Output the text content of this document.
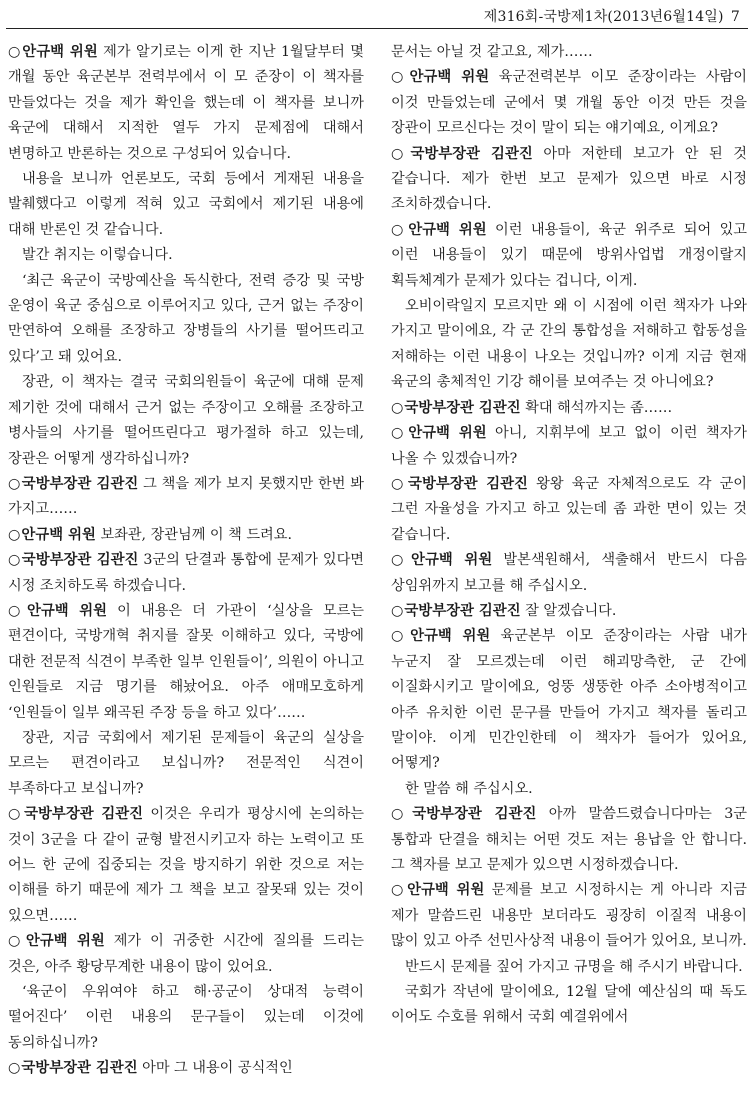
제316회-국방제1차(2013년6월14일)  7

○안규백 위원 제가 알기로는 이게 한 지난 1월달부터 몇 개월 동안 육군본부 전력부에서 이 모 준장이 이 책자를 만들었다는 것을 제가 확인을 했는데 이 책자를 보니까 육군에 대해서 지적한 열두 가지 문제점에 대해서 변명하고 반론하는 것으로 구성되어 있습니다.

내용을 보니까 언론보도, 국회 등에서 게재된 내용을 발췌했다고 이렇게 적혀 있고 국회에서 제기된 내용에 대해 반론인 것 같습니다.

발간 취지는 이렇습니다.

‘최근 육군이 국방예산을 독식한다, 전력 증강 및 국방 운영이 육군 중심으로 이루어지고 있다, 근거 없는 주장이 만연하여 오해를 조장하고 장병들의 사기를 떨어뜨리고 있다’고 돼 있어요.

장관, 이 책자는 결국 국회의원들이 육군에 대해 문제 제기한 것에 대해서 근거 없는 주장이고 오해를 조장하고 병사들의 사기를 떨어뜨린다고 평가절하 하고 있는데, 장관은 어떻게 생각하십니까?

○국방부장관 김관진 그 책을 제가 보지 못했지만 한번 봐 가지고……

○안규백 위원 보좌관, 장관님께 이 책 드려요.

○국방부장관 김관진 3군의 단결과 통합에 문제가 있다면 시정 조치하도록 하겠습니다.

○안규백 위원 이 내용은 더 가관이 ‘실상을 모르는 편견이다, 국방개혁 취지를 잘못 이해하고 있다, 국방에 대한 전문적 식견이 부족한 일부 인원들이’, 의원이 아니고 인원들로 지금 명기를 해놨어요. 아주 애매모호하게 ‘인원들이 일부 왜곡된 주장 등을 하고 있다’……

장관, 지금 국회에서 제기된 문제들이 육군의 실상을 모르는 편견이라고 보십니까? 전문적인 식견이 부족하다고 보십니까?

○국방부장관 김관진 이것은 우리가 평상시에 논의하는 것이 3군을 다 같이 균형 발전시키고자 하는 노력이고 또 어느 한 군에 집중되는 것을 방지하기 위한 것으로 저는 이해를 하기 때문에 제가 그 책을 보고 잘못돼 있는 것이 있으면……

○안규백 위원 제가 이 귀중한 시간에 질의를 드리는 것은, 아주 황당무계한 내용이 많이 있어요.

‘육군이 우위여야 하고 해·공군이 상대적 능력이 떨어진다’ 이런 내용의 문구들이 있는데 이것에 동의하십니까?

○국방부장관 김관진 아마 그 내용이 공식적인

문서는 아닐 것 같고요, 제가……

○안규백 위원 육군전력본부 이모 준장이라는 사람이 이것 만들었는데 군에서 몇 개월 동안 이것 만든 것을 장관이 모르신다는 것이 말이 되는 얘기예요, 이게요?

○국방부장관 김관진 아마 저한테 보고가 안 된 것 같습니다. 제가 한번 보고 문제가 있으면 바로 시정 조치하겠습니다.

○안규백 위원 이런 내용들이, 육군 위주로 되어 있고 이런 내용들이 있기 때문에 방위사업법 개정이랄지 획득체계가 문제가 있다는 겁니다, 이게.

오비이락일지 모르지만 왜 이 시점에 이런 책자가 나와 가지고 말이에요, 각 군 간의 통합성을 저해하고 합동성을 저해하는 이런 내용이 나오는 것입니까? 이게 지금 현재 육군의 총체적인 기강 해이를 보여주는 것 아니에요?

○국방부장관 김관진 확대 해석까지는 좀……

○안규백 위원 아니, 지휘부에 보고 없이 이런 책자가 나올 수 있겠습니까?

○국방부장관 김관진 왕왕 육군 자체적으로도 각 군이 그런 자율성을 가지고 하고 있는데 좀 과한 면이 있는 것 같습니다.

○안규백 위원 발본색원해서, 색출해서 반드시 다음 상임위까지 보고를 해 주십시오.

○국방부장관 김관진 잘 알겠습니다.

○안규백 위원 육군본부 이모 준장이라는 사람 내가 누군지 잘 모르겠는데 이런 해괴망측한, 군 간에 이질화시키고 말이에요, 엉뚱 생뚱한 아주 소아병적이고 아주 유치한 이런 문구를 만들어 가지고 책자를 돌리고 말이야. 이게 민간인한테 이 책자가 들어가 있어요, 어떻게?

한 말씀 해 주십시오.

○국방부장관 김관진 아까 말씀드렸습니다마는 3군 통합과 단결을 해치는 어떤 것도 저는 용납을 안 합니다. 그 책자를 보고 문제가 있으면 시정하겠습니다.

○안규백 위원 문제를 보고 시정하시는 게 아니라 지금 제가 말씀드린 내용만 보더라도 굉장히 이질적 내용이 많이 있고 아주 선민사상적 내용이 들어가 있어요, 보니까.

반드시 문제를 짚어 가지고 규명을 해 주시기 바랍니다.

국회가 작년에 말이에요, 12월 달에 예산심의 때 독도 이어도 수호를 위해서 국회 예결위에서
